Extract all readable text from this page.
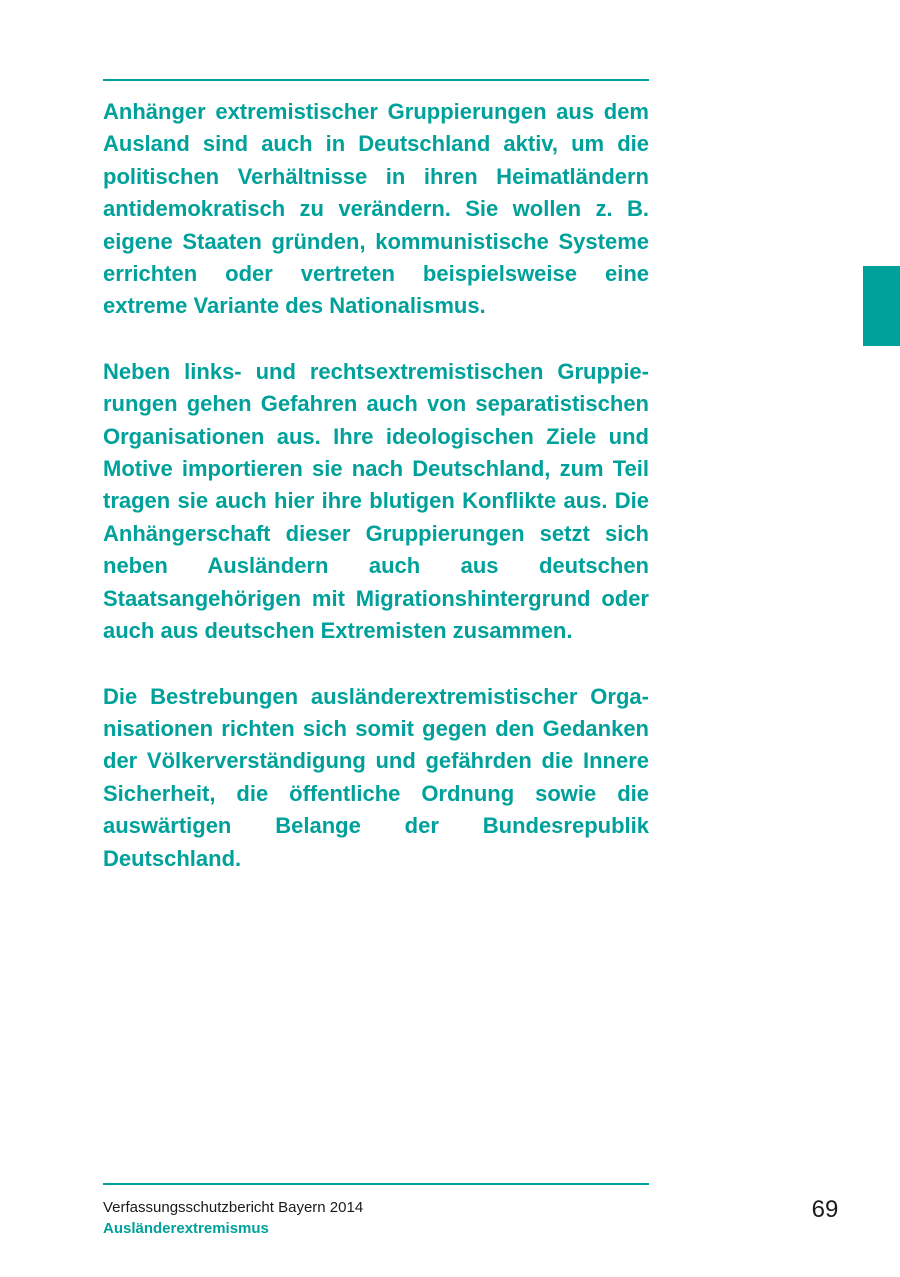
Anhänger extremistischer Gruppierungen aus dem Ausland sind auch in Deutschland aktiv, um die politischen Verhältnisse in ihren Heimatländern antidemokratisch zu verändern. Sie wollen z. B. eigene Staaten gründen, kommunistische Systeme errichten oder vertreten beispielsweise eine extreme Variante des Nationalismus.

Neben links- und rechtsextremistischen Gruppierungen gehen Gefahren auch von separatistischen Organisationen aus. Ihre ideologischen Ziele und Motive importieren sie nach Deutschland, zum Teil tragen sie auch hier ihre blutigen Konflikte aus. Die Anhängerschaft dieser Gruppierungen setzt sich neben Ausländern auch aus deutschen Staatsangehörigen mit Migrationshintergrund oder auch aus deutschen Extremisten zusammen.

Die Bestrebungen ausländerextremistischer Organisationen richten sich somit gegen den Gedanken der Völkerverständigung und gefährden die Innere Sicherheit, die öffentliche Ordnung sowie die auswärtigen Belange der Bundesrepublik Deutschland.

Verfassungsschutzbericht Bayern 2014
Ausländerextremismus
69
